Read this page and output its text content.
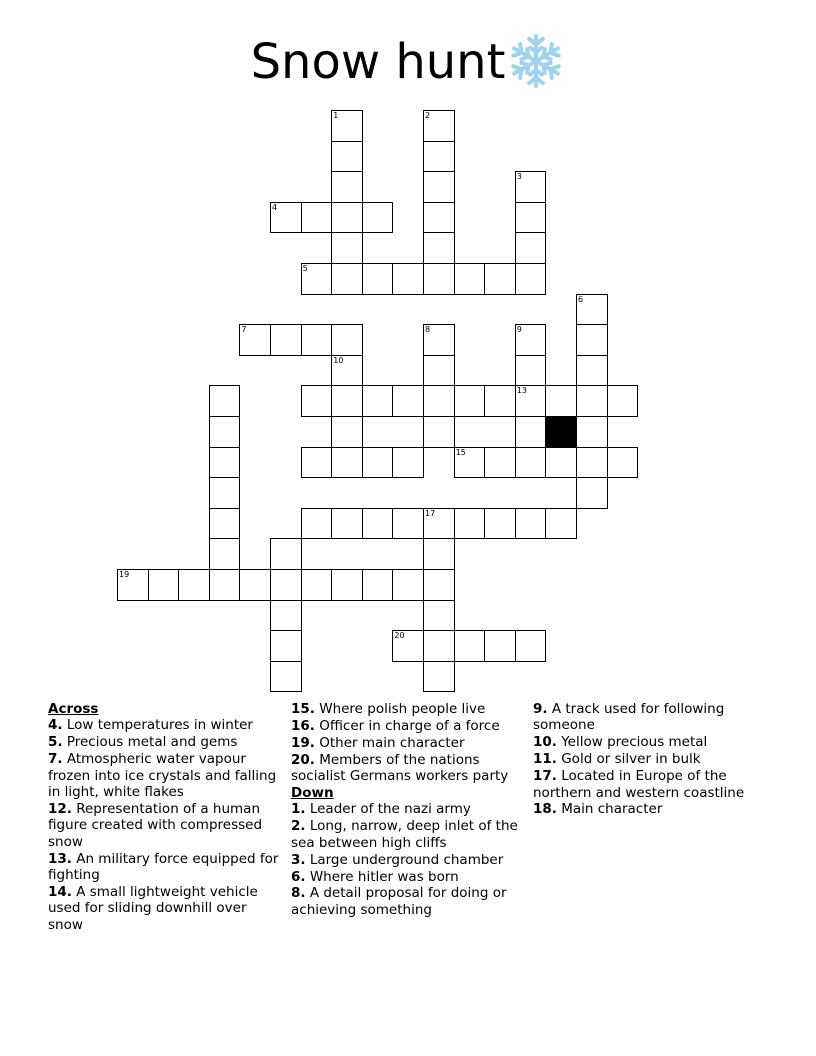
Snow hunt
1	2
3
4
5
6
7	8	9
13
10
15
17
19
20
Across
4. Low temperatures in winter
5. Precious metal and gems
7. Atmospheric water vapour frozen into ice crystals and falling in light, white flakes
12. Representation of a human figure created with compressed snow
13. An military force equipped for fighting
14. A small lightweight vehicle used for sliding downhill over snow
15. Where polish people live
16. Officer in charge of a force
19. Other main character
20. Members of the nations socialist Germans workers party
Down
1. Leader of the nazi army
2. Long, narrow, deep inlet of the sea between high cliffs
3. Large underground chamber
6. Where hitler was born
8. A detail proposal for doing or achieving something
9. A track used for following someone
10. Yellow precious metal
11. Gold or silver in bulk
17. Located in Europe of the northern and western coastline
18. Main character
